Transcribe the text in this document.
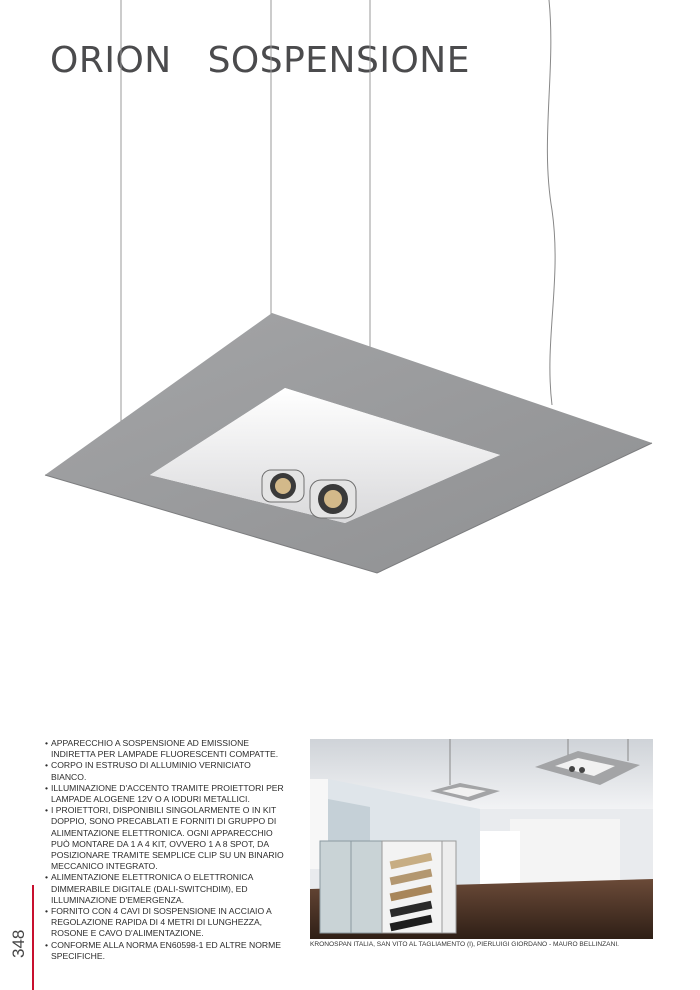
ORION   SOSPENSIONE
• APPARECCHIO A SOSPENSIONE AD EMISSIONE INDIRETTA PER LAMPADE FLUORESCENTI COMPATTE.
• CORPO IN ESTRUSO DI ALLUMINIO VERNICIATO BIANCO.
• ILLUMINAZIONE D'ACCENTO TRAMITE PROIETTORI PER LAMPADE ALOGENE 12V O A IODURI METALLICI.
• I PROIETTORI, DISPONIBILI SINGOLARMENTE O IN KIT DOPPIO, SONO PRECABLATI E FORNITI DI GRUPPO DI ALIMENTAZIONE ELETTRONICA. OGNI APPARECCHIO PUÒ MONTARE DA 1 A 4 KIT, OVVERO 1 A 8 SPOT, DA POSIZIONARE TRAMITE SEMPLICE CLIP SU UN BINARIO MECCANICO INTEGRATO.
• ALIMENTAZIONE ELETTRONICA O ELETTRONICA DIMMERABILE DIGITALE (DALI-SWITCHDIM), ED ILLUMINAZIONE D'EMERGENZA.
• FORNITO CON 4 CAVI DI SOSPENSIONE IN ACCIAIO A REGOLAZIONE RAPIDA DI 4 METRI DI LUNGHEZZA, ROSONE E CAVO D'ALIMENTAZIONE.
• CONFORME ALLA NORMA EN60598-1 ED ALTRE NORME SPECIFICHE.
KRONOSPAN ITALIA, SAN VITO AL TAGLIAMENTO (I), PIERLUIGI GIORDANO - MAURO BELLINZANI.
348
